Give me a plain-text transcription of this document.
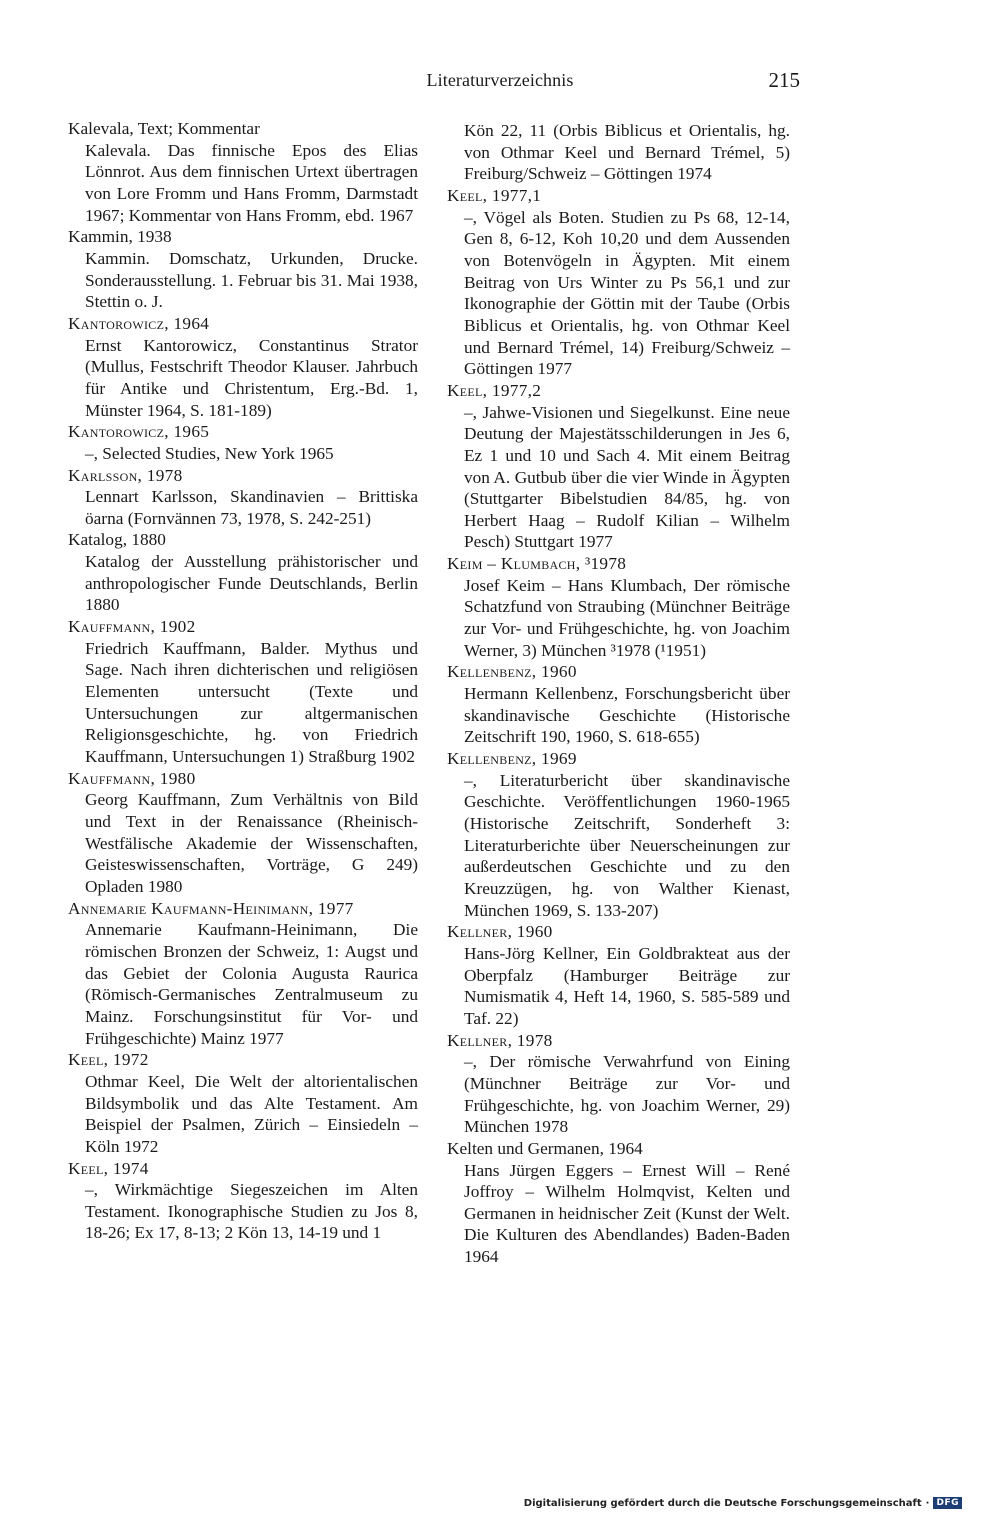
Literaturverzeichnis	215
Kalevala, Text; Kommentar
Kalevala. Das finnische Epos des Elias Lönnrot. Aus dem finnischen Urtext übertragen von Lore Fromm und Hans Fromm, Darmstadt 1967; Kommentar von Hans Fromm, ebd. 1967
Kammin, 1938
Kammin. Domschatz, Urkunden, Drucke. Sonderausstellung. 1. Februar bis 31. Mai 1938, Stettin o. J.
Kantorowicz, 1964
Ernst Kantorowicz, Constantinus Strator (Mullus, Festschrift Theodor Klauser. Jahrbuch für Antike und Christentum, Erg.-Bd. 1, Münster 1964, S. 181-189)
Kantorowicz, 1965
–, Selected Studies, New York 1965
Karlsson, 1978
Lennart Karlsson, Skandinavien – Brittiska öarna (Fornvännen 73, 1978, S. 242-251)
Katalog, 1880
Katalog der Ausstellung prähistorischer und anthropologischer Funde Deutschlands, Berlin 1880
Kauffmann, 1902
Friedrich Kauffmann, Balder. Mythus und Sage. Nach ihren dichterischen und religiösen Elementen untersucht (Texte und Untersuchungen zur altgermanischen Religionsgeschichte, hg. von Friedrich Kauffmann, Untersuchungen 1) Straßburg 1902
Kauffmann, 1980
Georg Kauffmann, Zum Verhältnis von Bild und Text in der Renaissance (Rheinisch-Westfälische Akademie der Wissenschaften, Geisteswissenschaften, Vorträge, G 249) Opladen 1980
Annemarie Kaufmann-Heinimann, 1977
Annemarie Kaufmann-Heinimann, Die römischen Bronzen der Schweiz, 1: Augst und das Gebiet der Colonia Augusta Raurica (Römisch-Germanisches Zentralmuseum zu Mainz. Forschungsinstitut für Vor- und Frühgeschichte) Mainz 1977
Keel, 1972
Othmar Keel, Die Welt der altorientalischen Bildsymbolik und das Alte Testament. Am Beispiel der Psalmen, Zürich – Einsiedeln – Köln 1972
Keel, 1974
–, Wirkmächtige Siegeszeichen im Alten Testament. Ikonographische Studien zu Jos 8, 18-26; Ex 17, 8-13; 2 Kön 13, 14-19 und 1
Kön 22, 11 (Orbis Biblicus et Orientalis, hg. von Othmar Keel und Bernard Trémel, 5) Freiburg/Schweiz – Göttingen 1974
Keel, 1977,1
–, Vögel als Boten. Studien zu Ps 68, 12-14, Gen 8, 6-12, Koh 10,20 und dem Aussenden von Botenvögeln in Ägypten. Mit einem Beitrag von Urs Winter zu Ps 56,1 und zur Ikonographie der Göttin mit der Taube (Orbis Biblicus et Orientalis, hg. von Othmar Keel und Bernard Trémel, 14) Freiburg/Schweiz – Göttingen 1977
Keel, 1977,2
–, Jahwe-Visionen und Siegelkunst. Eine neue Deutung der Majestätsschilderungen in Jes 6, Ez 1 und 10 und Sach 4. Mit einem Beitrag von A. Gutbub über die vier Winde in Ägypten (Stuttgarter Bibelstudien 84/85, hg. von Herbert Haag – Rudolf Kilian – Wilhelm Pesch) Stuttgart 1977
Keim – Klumbach, ³1978
Josef Keim – Hans Klumbach, Der römische Schatzfund von Straubing (Münchner Beiträge zur Vor- und Frühgeschichte, hg. von Joachim Werner, 3) München ³1978 (¹1951)
Kellenbenz, 1960
Hermann Kellenbenz, Forschungsbericht über skandinavische Geschichte (Historische Zeitschrift 190, 1960, S. 618-655)
Kellenbenz, 1969
–, Literaturbericht über skandinavische Geschichte. Veröffentlichungen 1960-1965 (Historische Zeitschrift, Sonderheft 3: Literaturberichte über Neuerscheinungen zur außerdeutschen Geschichte und zu den Kreuzzügen, hg. von Walther Kienast, München 1969, S. 133-207)
Kellner, 1960
Hans-Jörg Kellner, Ein Goldbrakteat aus der Oberpfalz (Hamburger Beiträge zur Numismatik 4, Heft 14, 1960, S. 585-589 und Taf. 22)
Kellner, 1978
–, Der römische Verwahrfund von Eining (Münchner Beiträge zur Vor- und Frühgeschichte, hg. von Joachim Werner, 29) München 1978
Kelten und Germanen, 1964
Hans Jürgen Eggers – Ernest Will – René Joffroy – Wilhelm Holmqvist, Kelten und Germanen in heidnischer Zeit (Kunst der Welt. Die Kulturen des Abendlandes) Baden-Baden 1964
Digitalisierung gefördert durch die Deutsche Forschungsgemeinschaft · DFG
